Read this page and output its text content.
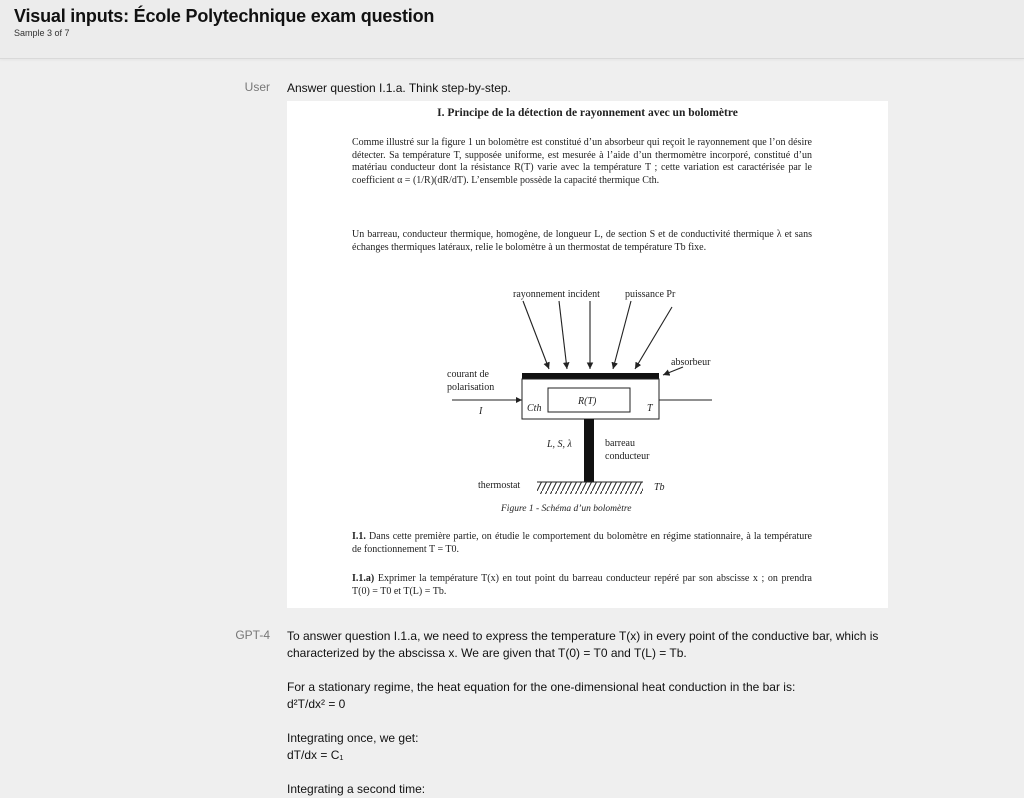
Visual inputs: École Polytechnique exam question
Sample 3 of 7
User Answer question I.1.a. Think step-by-step.
I. Principe de la détection de rayonnement avec un bolomètre
Comme illustré sur la figure 1 un bolomètre est constitué d’un absorbeur qui reçoit le rayonnement que l’on désire détecter. Sa température T, supposée uniforme, est mesurée à l’aide d’un thermomètre incorporé, constitué d’un matériau conducteur dont la résistance R(T) varie avec la température T ; cette variation est caractérisée par le coefficient α = (1/R)(dR/dT). L’ensemble possède la capacité thermique Cth.
Un barreau, conducteur thermique, homogène, de longueur L, de section S et de conductivité thermique λ et sans échanges thermiques latéraux, relie le bolomètre à un thermostat de température Tb fixe.
rayonnement incident	puissance Pr
absorbeur
courant de
polarisation
I	Cth
R(T)
T
L, S, λ	barreau
conducteur
thermostat	Tb
Figure 1 - Schéma d’un bolomètre
I.1. Dans cette première partie, on étudie le comportement du bolomètre en régime stationnaire, à la température de fonctionnement T = T0.
I.1.a) Exprimer la température T(x) en tout point du barreau conducteur repéré par son abscisse x ; on prendra T(0) = T0 et T(L) = Tb.
GPT-4 To answer question I.1.a, we need to express the temperature T(x) in every point of the conductive bar, which is
characterized by the abscissa x. We are given that T(0) = T0 and T(L) = Tb.
For a stationary regime, the heat equation for the one-dimensional heat conduction in the bar is:
d²T/dx² = 0
Integrating once, we get:
dT/dx = C₁
Integrating a second time:
